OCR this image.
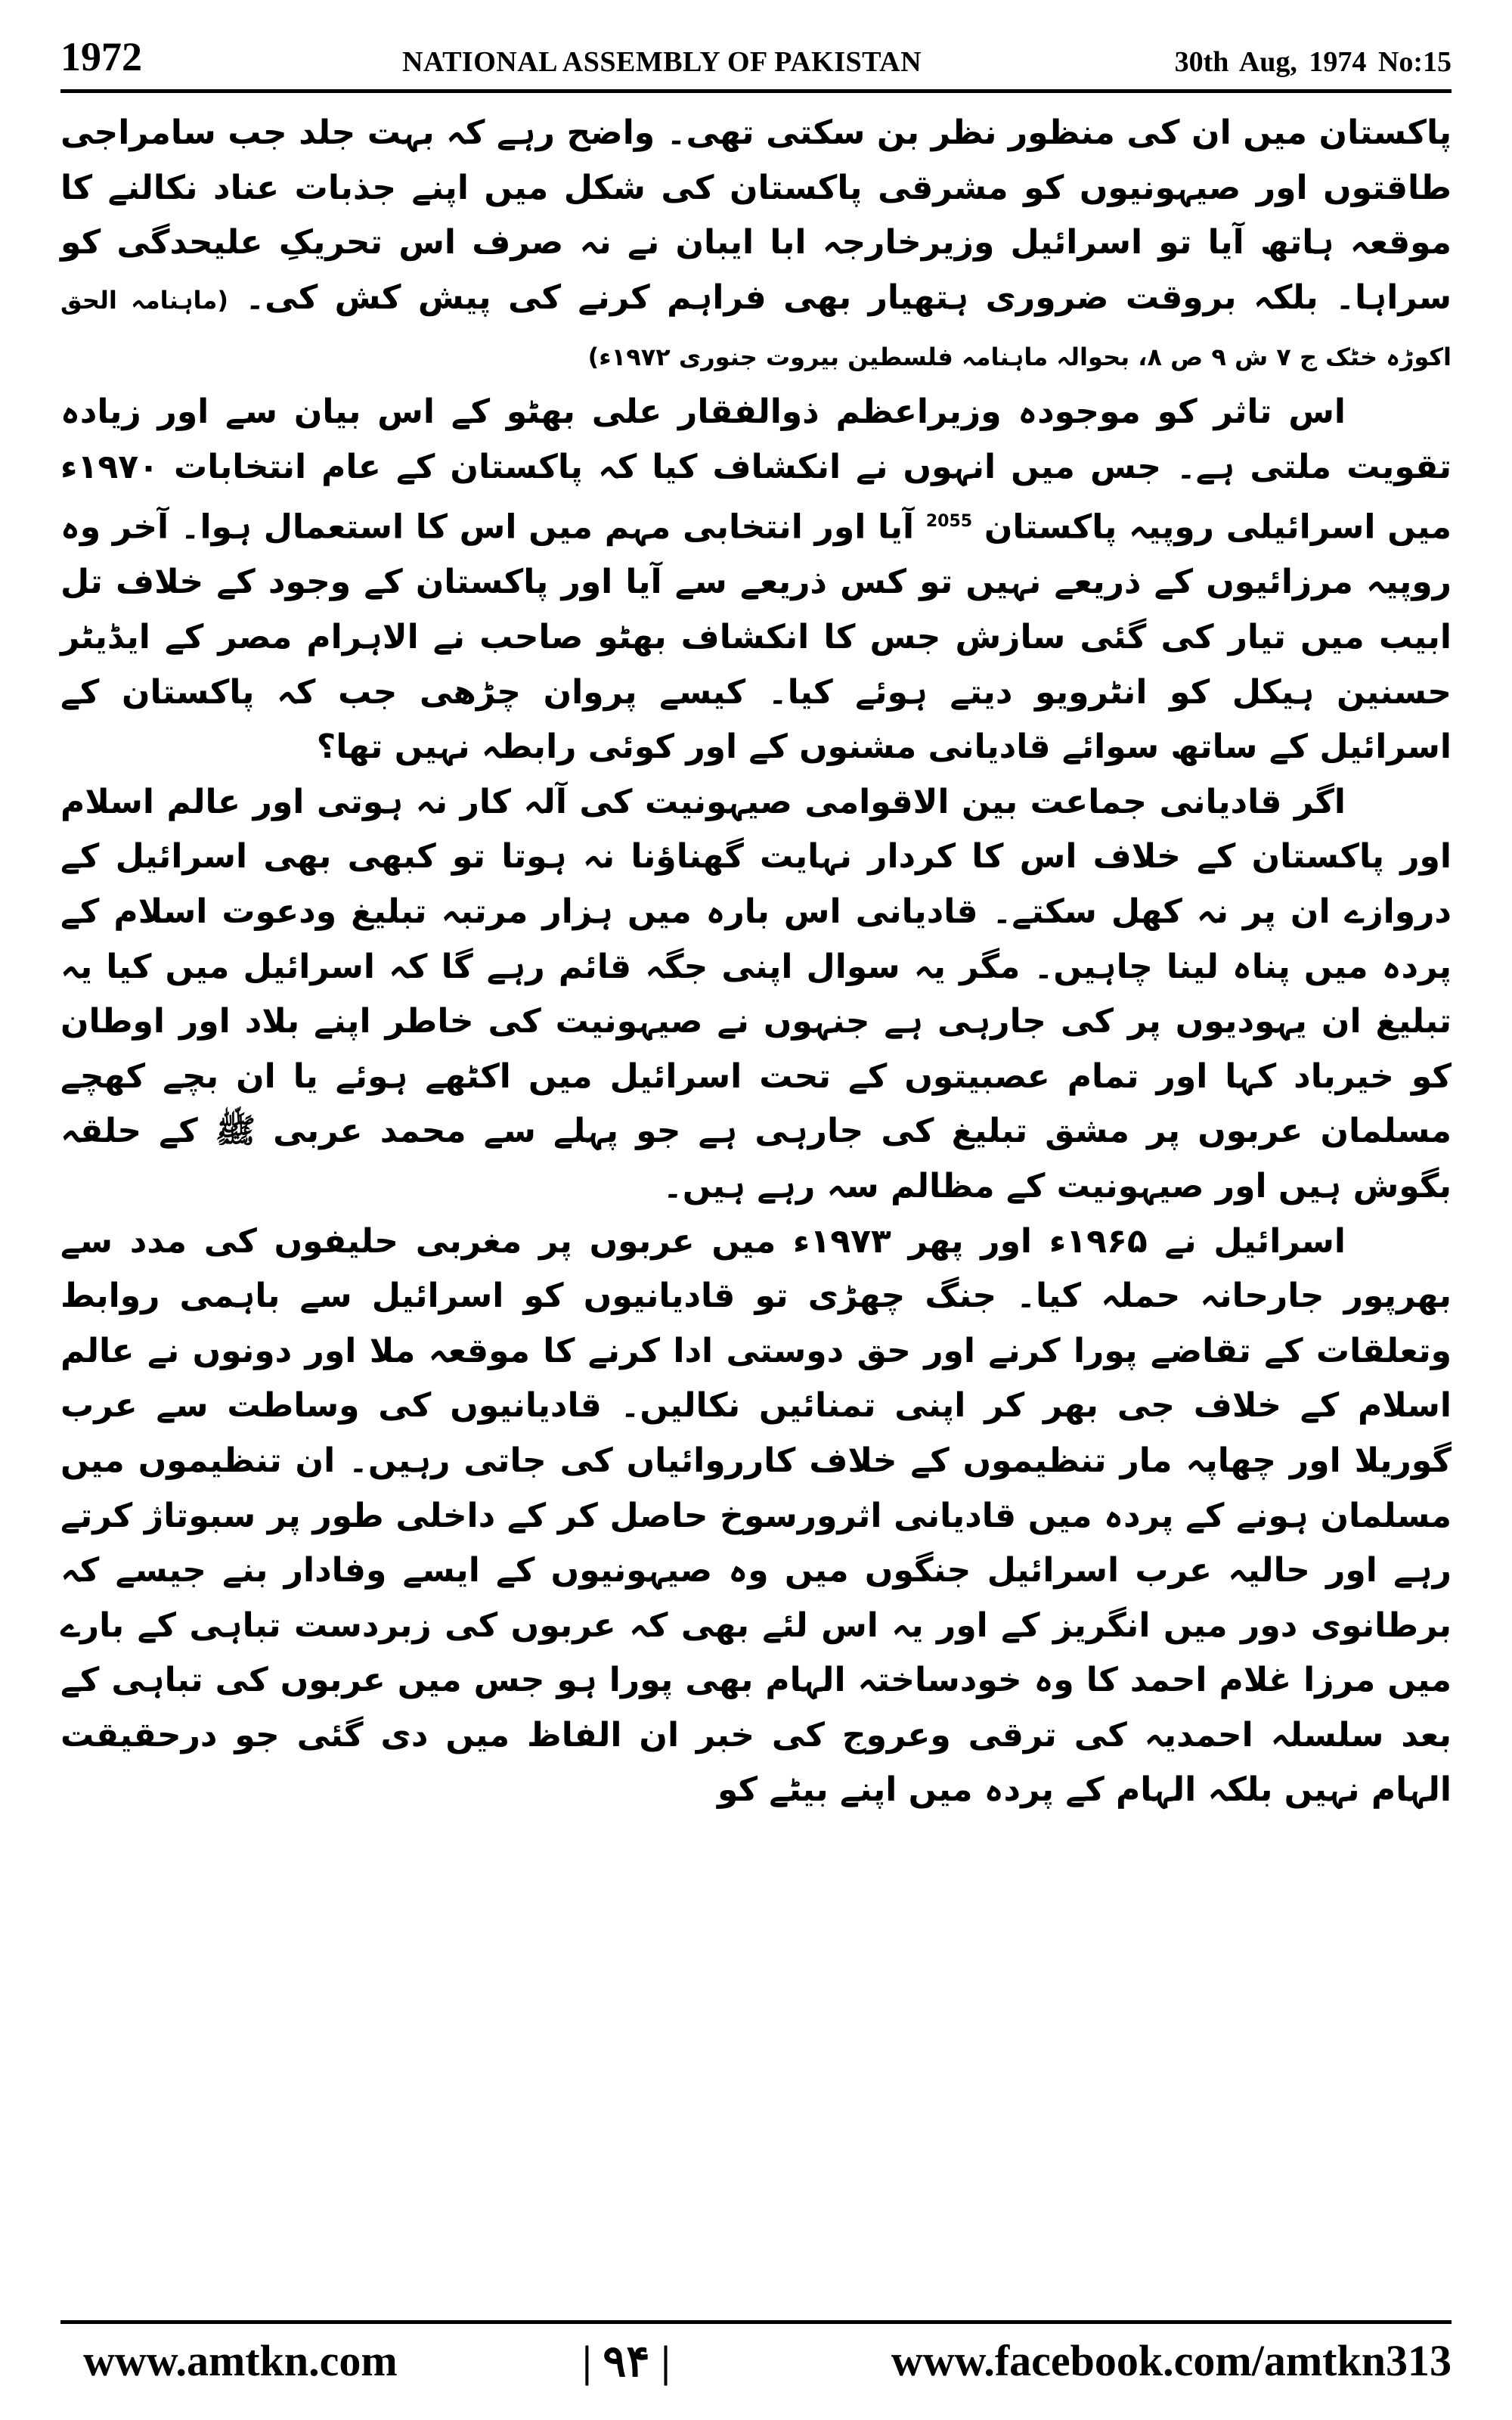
1972	NATIONAL ASSEMBLY OF PAKISTAN	30th Aug, 1974 No:15

پاکستان میں ان کی منظور نظر بن سکتی تھی۔ واضح رہے کہ بہت جلد جب سامراجی طاقتوں اور صیہونیوں کو مشرقی پاکستان کی شکل میں اپنے جذبات عناد نکالنے کا موقعہ ہاتھ آیا تو اسرائیل وزیرخارجہ ابا ایبان نے نہ صرف اس تحریکِ علیحدگی کو سراہا۔ بلکہ بروقت ضروری ہتھیار بھی فراہم کرنے کی پیش کش کی۔ (ماہنامہ الحق اکوڑہ خٹک ج ۷ ش ۹ ص ۸، بحوالہ ماہنامہ فلسطین بیروت جنوری ۱۹۷۲ء)

اس تاثر کو موجودہ وزیراعظم ذوالفقار علی بھٹو کے اس بیان سے اور زیادہ تقویت ملتی ہے۔ جس میں انہوں نے انکشاف کیا کہ پاکستان کے عام انتخابات ۱۹۷۰ء میں اسرائیلی روپیہ پاکستان $^{2055}$ آیا اور انتخابی مہم میں اس کا استعمال ہوا۔ آخر وہ روپیہ مرزائیوں کے ذریعے نہیں تو کس ذریعے سے آیا اور پاکستان کے وجود کے خلاف تل ابیب میں تیار کی گئی سازش جس کا انکشاف بھٹو صاحب نے الاہرام مصر کے ایڈیٹر حسنین ہیکل کو انٹرویو دیتے ہوئے کیا۔ کیسے پروان چڑھی جب کہ پاکستان کے اسرائیل کے ساتھ سوائے قادیانی مشنوں کے اور کوئی رابطہ نہیں تھا؟

اگر قادیانی جماعت بین الاقوامی صیہونیت کی آلہ کار نہ ہوتی اور عالم اسلام اور پاکستان کے خلاف اس کا کردار نہایت گھناؤنا نہ ہوتا تو کبھی بھی اسرائیل کے دروازے ان پر نہ کھل سکتے۔ قادیانی اس بارہ میں ہزار مرتبہ تبلیغ ودعوت اسلام کے پردہ میں پناہ لینا چاہیں۔ مگر یہ سوال اپنی جگہ قائم رہے گا کہ اسرائیل میں کیا یہ تبلیغ ان یہودیوں پر کی جارہی ہے جنہوں نے صیہونیت کی خاطر اپنے بلاد اور اوطان کو خیرباد کہا اور تمام عصبیتوں کے تحت اسرائیل میں اکٹھے ہوئے یا ان بچے کھچے مسلمان عربوں پر مشق تبلیغ کی جارہی ہے جو پہلے سے محمد عربی ﷺ کے حلقہ بگوش ہیں اور صیہونیت کے مظالم سہ رہے ہیں۔

اسرائیل نے ۱۹۶۵ء اور پھر ۱۹۷۳ء میں عربوں پر مغربی حلیفوں کی مدد سے بھرپور جارحانہ حملہ کیا۔ جنگ چھڑی تو قادیانیوں کو اسرائیل سے باہمی روابط وتعلقات کے تقاضے پورا کرنے اور حق دوستی ادا کرنے کا موقعہ ملا اور دونوں نے عالم اسلام کے خلاف جی بھر کر اپنی تمنائیں نکالیں۔ قادیانیوں کی وساطت سے عرب گوریلا اور چھاپہ مار تنظیموں کے خلاف کارروائیاں کی جاتی رہیں۔ ان تنظیموں میں مسلمان ہونے کے پردہ میں قادیانی اثرورسوخ حاصل کر کے داخلی طور پر سبوتاژ کرتے رہے اور حالیہ عرب اسرائیل جنگوں میں وہ صیہونیوں کے ایسے وفادار بنے جیسے کہ برطانوی دور میں انگریز کے اور یہ اس لئے بھی کہ عربوں کی زبردست تباہی کے بارے میں مرزا غلام احمد کا وہ خودساختہ الہام بھی پورا ہو جس میں عربوں کی تباہی کے بعد سلسلہ احمدیہ کی ترقی وعروج کی خبر ان الفاظ میں دی گئی جو درحقیقت الہام نہیں بلکہ الہام کے پردہ میں اپنے بیٹے کو

www.amtkn.com	| ۹۴ |	www.facebook.com/amtkn313
